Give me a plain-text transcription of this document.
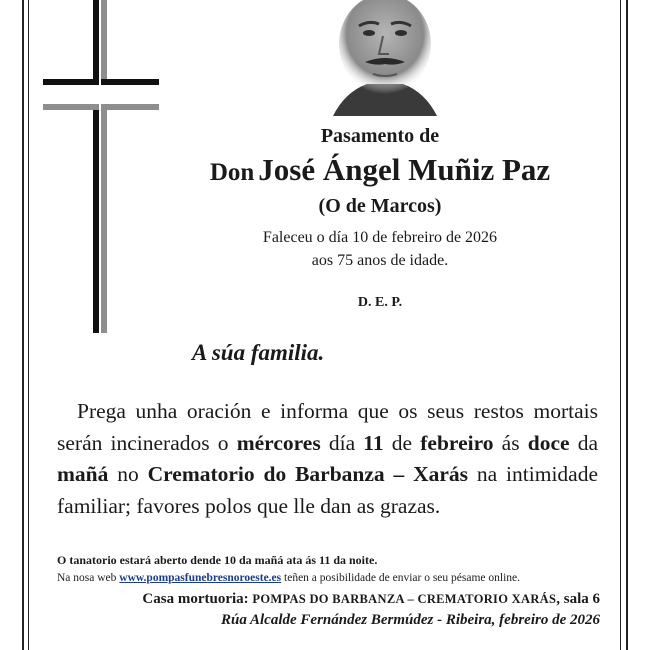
Pasamento de
Don José Ángel Muñiz Paz
(O de Marcos)
Faleceu o día 10 de febreiro de 2026
aos 75 anos de idade.
D. E. P.
A súa familia.
Prega unha oración e informa que os seus restos mortais serán incinerados o mércores día 11 de febreiro ás doce da mañá no Crematorio do Barbanza – Xarás na intimidade familiar; favores polos que lle dan as grazas.
O tanatorio estará aberto dende 10 da mañá ata ás 11 da noite.
Na nosa web www.pompasfunebresnoroeste.es teñen a posibilidade de enviar o seu pésame online.
Casa mortuoria: POMPAS DO BARBANZA – CREMATORIO XARÁS, sala 6
Rúa Alcalde Fernández Bermúdez - Ribeira, febreiro de 2026
